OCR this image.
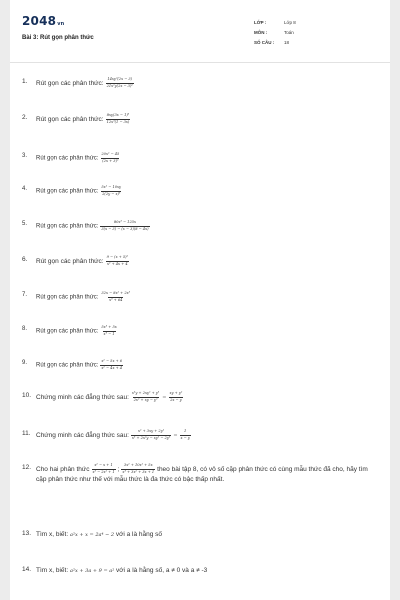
2048vn
Bài 3: Rút gọn phân thức
LỚP :	Lớp 8
MÔN :	Toán
SỐ CÂU :	18
1.	Rút gọn các phân thức: $\frac{\text{14xy⁵(2x − 3)}}{\text{21x²y(2x − 3)²}}$
2.	Rút gọn các phân thức: $\frac{\text{8xy(3x − 1)³}}{\text{12x³(1 − 3x)}}$
3.	Rút gọn các phân thức: $\frac{\text{20x² − 45}}{\text{(2x + 3)²}}$
4.	Rút gọn các phân thức: $\frac{\text{5x² − 10xy}}{\text{2(2y − x)³}}$
5.	Rút gọn các phân thức: $\frac{\text{80x³ − 125x}}{3(x - 3) - (x - 3)(8 - 4x)}$
6.	Rút gọn các phân thức: $\frac{\text{9 − (x + 5)²}}{\text{x² + 4x + 4}}$
7.	Rút gọn các phân thức: $\frac{\text{32x − 8x² + 2x³}}{\text{x³ + 64}}$
8.	Rút gọn các phân thức: $\frac{\text{5x³ + 5x}}{\text{x⁴ − 1}}$
9.	Rút gọn các phân thức: $\frac{\text{x² − 5x + 6}}{\text{x² − 4x + 4}}$
10. Chứng minh các đẳng thức sau: $\frac{\text{x³y + 2xy² + y³}}{\text{2x² + xy − y²}} = \frac{\text{xy + y²}}{2x - y}$
11. Chứng minh các đẳng thức sau: $\frac{\text{x² + 3xy + 2y²}}{\text{x³ + 2x²y − xy² − 2y³}} = \frac{1}{x - y}$
12. Cho hai phân thức $\frac{\text{x² − x + 1}}{\text{x³ − 2x² + 1}}$ ; $\frac{\text{3x² + 10x² + 5x}}{\text{x³ + 3x² + 3x + 1}}$ theo bài tập 8, có vô số cặp phân thức có cùng mẫu thức đã cho, hãy tìm cặp phân thức như thế với mẫu thức là đa thức có bậc thấp nhất.
13. Tìm x, biết: a²x + x = 2a⁴ − 2 với a là hằng số
14. Tìm x, biết: a²x + 3a + 9 = a² với a là hằng số, a ≠ 0 và a ≠ -3
